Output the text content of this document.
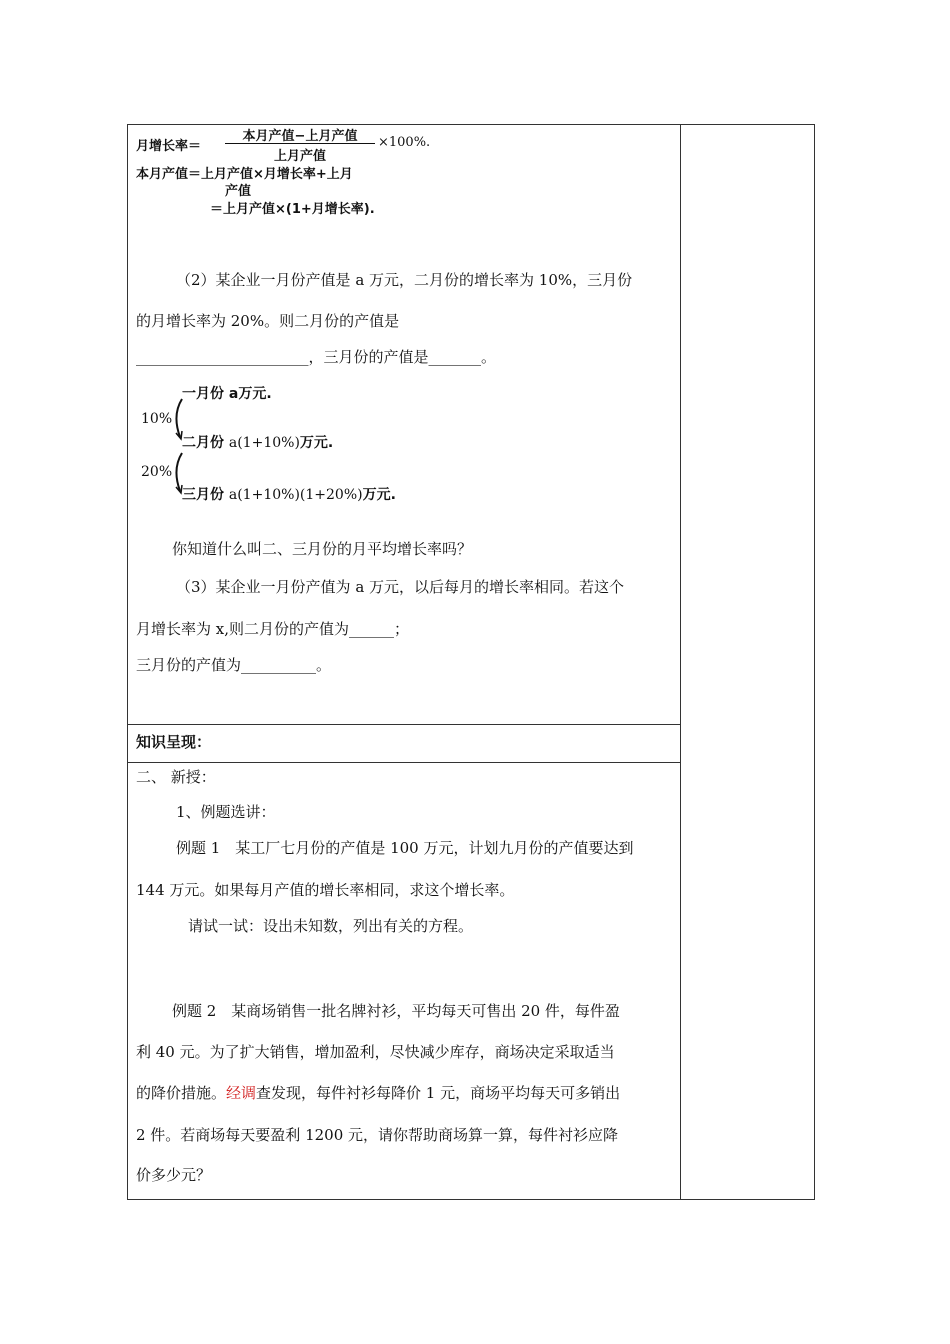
月增长率＝
本月产值−上月产值
上月产值
×100%.
本月产值＝上月产值×月增长率+上月
产值
＝上月产值×(1+月增长率).
（2）某企业一月份产值是 a 万元，二月份的增长率为 10%，三月份
的月增长率为 20%。则二月份的产值是
_______________________，三月份的产值是_______。
一月份 a万元.
10%
二月份 a(1+10%)万元.
20%
三月份 a(1+10%)(1+20%)万元.
你知道什么叫二、三月份的月平均增长率吗？
（3）某企业一月份产值为 a 万元，以后每月的增长率相同。若这个
月增长率为 x,则二月份的产值为______；
三月份的产值为__________。
知识呈现：
二、 新授：
1、例题选讲：
例题 1　某工厂七月份的产值是 100 万元，计划九月份的产值要达到
144 万元。如果每月产值的增长率相同，求这个增长率。
请试一试：设出未知数，列出有关的方程。
例题 2　某商场销售一批名牌衬衫，平均每天可售出 20 件，每件盈
利 40 元。为了扩大销售，增加盈利，尽快减少库存，商场决定采取适当
的降价措施。经调查发现，每件衬衫每降价 1 元，商场平均每天可多销出
2 件。若商场每天要盈利 1200 元，请你帮助商场算一算，每件衬衫应降
价多少元？
